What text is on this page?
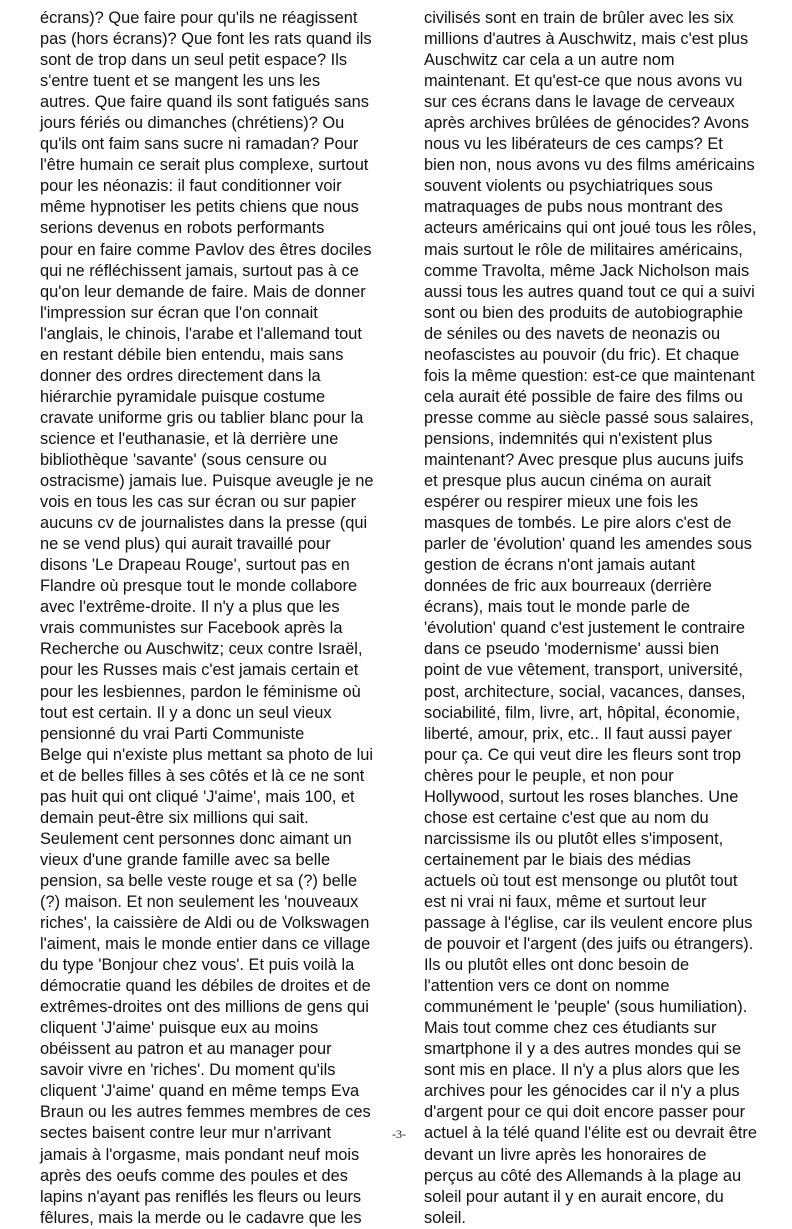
écrans)? Que faire pour qu'ils ne réagissent
pas (hors écrans)? Que font les rats quand ils
sont de trop dans un seul petit espace? Ils
s'entre tuent et se mangent les uns les
autres. Que faire quand ils sont fatigués sans
jours fériés ou dimanches (chrétiens)? Ou
qu'ils ont faim sans sucre ni ramadan? Pour
l'être humain ce serait plus complexe, surtout
pour les néonazis: il faut conditionner voir
même hypnotiser les petits chiens que nous
serions devenus en robots performants
pour en faire comme Pavlov des êtres dociles
qui ne réfléchissent jamais, surtout pas à ce
qu'on leur demande de faire. Mais de donner
l'impression sur écran que l'on connait
l'anglais, le chinois, l'arabe et l'allemand tout
en restant débile bien entendu, mais sans
donner des ordres directement dans la
hiérarchie pyramidale puisque costume
cravate uniforme gris ou tablier blanc pour la
science et l'euthanasie, et là derrière une
bibliothèque 'savante' (sous censure ou
ostracisme) jamais lue. Puisque aveugle je ne
vois en tous les cas sur écran ou sur papier
aucuns cv de journalistes dans la presse (qui
ne se vend plus) qui aurait travaillé pour
disons 'Le Drapeau Rouge', surtout pas en
Flandre où presque tout le monde collabore
avec l'extrême-droite. Il n'y a plus que les
vrais communistes sur Facebook après la
Recherche ou Auschwitz; ceux contre Israël,
pour les Russes mais c'est jamais certain et
pour les lesbiennes, pardon le féminisme où
tout est certain. Il y a donc un seul vieux
pensionné du vrai Parti Communiste
Belge qui n'existe plus mettant sa photo de lui
et de belles filles à ses côtés et là ce ne sont
pas huit qui ont cliqué 'J'aime', mais 100, et
demain peut-être six millions qui sait.
Seulement cent personnes donc aimant un
vieux d'une grande famille avec sa belle
pension, sa belle veste rouge et sa (?) belle
(?) maison. Et non seulement les 'nouveaux
riches', la caissière de Aldi ou de Volkswagen
l'aiment, mais le monde entier dans ce village
du type 'Bonjour chez vous'. Et puis voilà la
démocratie quand les débiles de droites et de
extrêmes-droites ont des millions de gens qui
cliquent 'J'aime' puisque eux au moins
obéissent au patron et au manager pour
savoir vivre en 'riches'. Du moment qu'ils
cliquent 'J'aime' quand en même temps Eva
Braun ou les autres femmes membres de ces
sectes baisent contre leur mur n'arrivant
jamais à l'orgasme, mais pondant neuf mois
après des oeufs comme des poules et des
lapins n'ayant pas reniflés les fleurs ou leurs
fêlures, mais la merde ou le cadavre que les
civilisés sont en train de brûler avec les six
millions d'autres à Auschwitz, mais c'est plus
Auschwitz car cela a un autre nom
maintenant. Et qu'est-ce que nous avons vu
sur ces écrans dans le lavage de cerveaux
après archives brûlées de génocides? Avons
nous vu les libérateurs de ces camps? Et
bien non, nous avons vu des films américains
souvent violents ou psychiatriques sous
matraquages de pubs nous montrant des
acteurs américains qui ont joué tous les rôles,
mais surtout le rôle de militaires américains,
comme Travolta, même Jack Nicholson mais
aussi tous les autres quand tout ce qui a suivi
sont ou bien des produits de autobiographie
de séniles ou des navets de neonazis ou
neofascistes au pouvoir (du fric). Et chaque
fois la même question: est-ce que maintenant
cela aurait été possible de faire des films ou
presse comme au siècle passé sous salaires,
pensions, indemnités qui n'existent plus
maintenant? Avec presque plus aucuns juifs
et presque plus aucun cinéma on aurait
espérer ou respirer mieux une fois les
masques de tombés. Le pire alors c'est de
parler de 'évolution' quand les amendes sous
gestion de écrans n'ont jamais autant
données de fric aux bourreaux (derrière
écrans), mais tout le monde parle de
'évolution' quand c'est justement le contraire
dans ce pseudo 'modernisme' aussi bien
point de vue vêtement, transport, université,
post, architecture, social, vacances, danses,
sociabilité, film, livre, art, hôpital, économie,
liberté, amour, prix, etc.. Il faut aussi payer
pour ça. Ce qui veut dire les fleurs sont trop
chères pour le peuple, et non pour
Hollywood, surtout les roses blanches. Une
chose est certaine c'est que au nom du
narcissisme ils ou plutôt elles s'imposent,
certainement par le biais des médias
actuels où tout est mensonge ou plutôt tout
est ni vrai ni faux, même et surtout leur
passage à l'église, car ils veulent encore plus
de pouvoir et l'argent (des juifs ou étrangers).
Ils ou plutôt elles ont donc besoin de
l'attention vers ce dont on nomme
communément le 'peuple' (sous humiliation).
Mais tout comme chez ces étudiants sur
smartphone il y a des autres mondes qui se
sont mis en place. Il n'y a plus alors que les
archives pour les génocides car il n'y a plus
d'argent pour ce qui doit encore passer pour
actuel à la télé quand l'élite est ou devrait être
devant un livre après les honoraires de
perçus au côté des Allemands à la plage au
soleil pour autant il y en aurait encore, du
soleil.
-3-
